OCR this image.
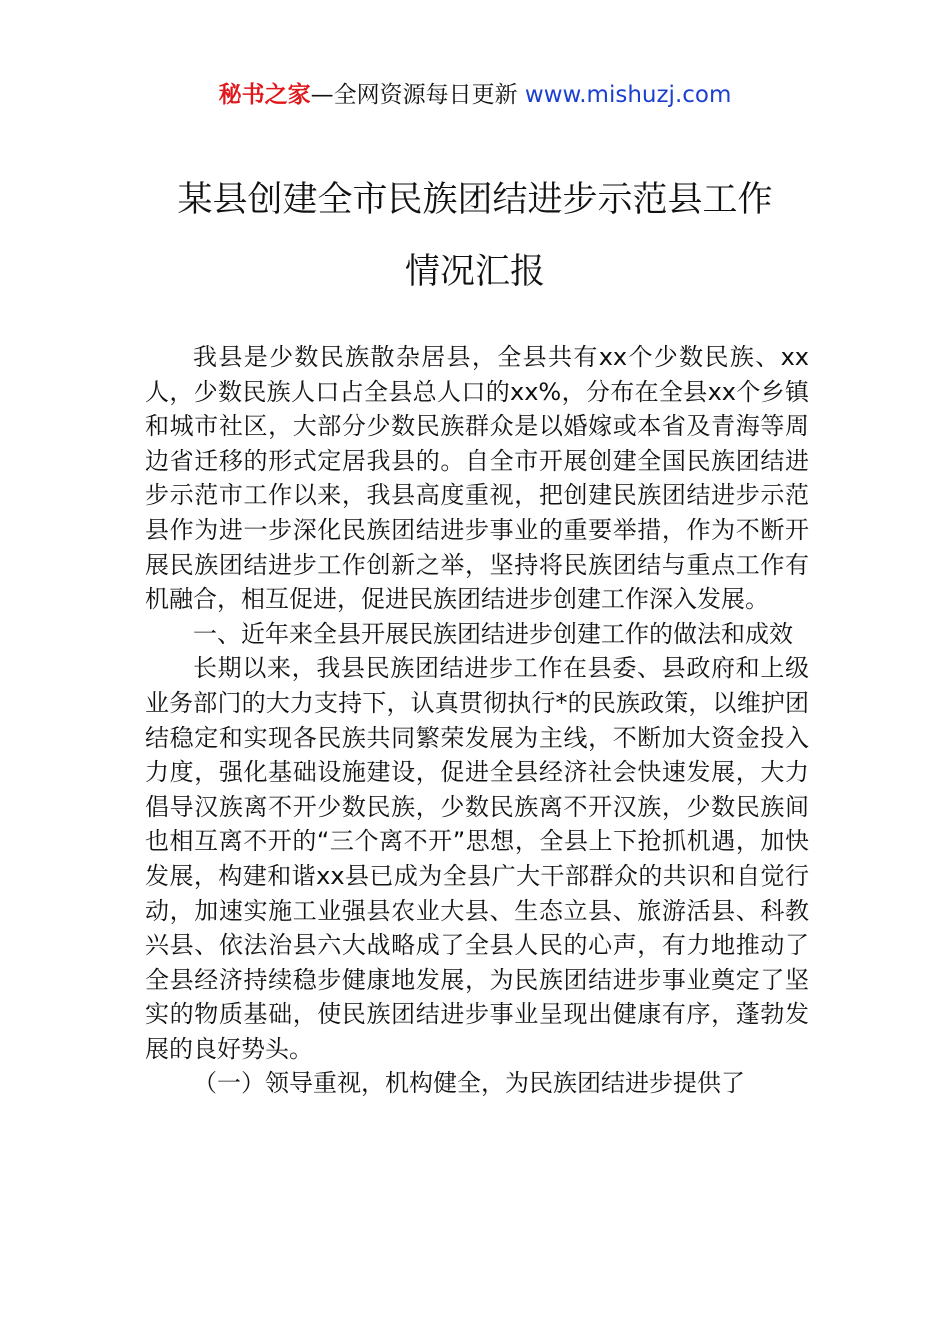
秘书之家—全网资源每日更新 www.mishuzj.com
某县创建全市民族团结进步示范县工作
情况汇报

我县是少数民族散杂居县，全县共有xx个少数民族、xx人，少数民族人口占全县总人口的xx%，分布在全县xx个乡镇和城市社区，大部分少数民族群众是以婚嫁或本省及青海等周边省迁移的形式定居我县的。自全市开展创建全国民族团结进步示范市工作以来，我县高度重视，把创建民族团结进步示范县作为进一步深化民族团结进步事业的重要举措，作为不断开展民族团结进步工作创新之举，坚持将民族团结与重点工作有机融合，相互促进，促进民族团结进步创建工作深入发展。

一、近年来全县开展民族团结进步创建工作的做法和成效

长期以来，我县民族团结进步工作在县委、县政府和上级业务部门的大力支持下，认真贯彻执行*的民族政策，以维护团结稳定和实现各民族共同繁荣发展为主线，不断加大资金投入力度，强化基础设施建设，促进全县经济社会快速发展，大力倡导汉族离不开少数民族，少数民族离不开汉族，少数民族间也相互离不开的“三个离不开”思想，全县上下抢抓机遇，加快发展，构建和谐xx县已成为全县广大干部群众的共识和自觉行动，加速实施工业强县农业大县、生态立县、旅游活县、科教兴县、依法治县六大战略成了全县人民的心声，有力地推动了全县经济持续稳步健康地发展，为民族团结进步事业奠定了坚实的物质基础，使民族团结进步事业呈现出健康有序，蓬勃发展的良好势头。

（一）领导重视，机构健全，为民族团结进步提供了
